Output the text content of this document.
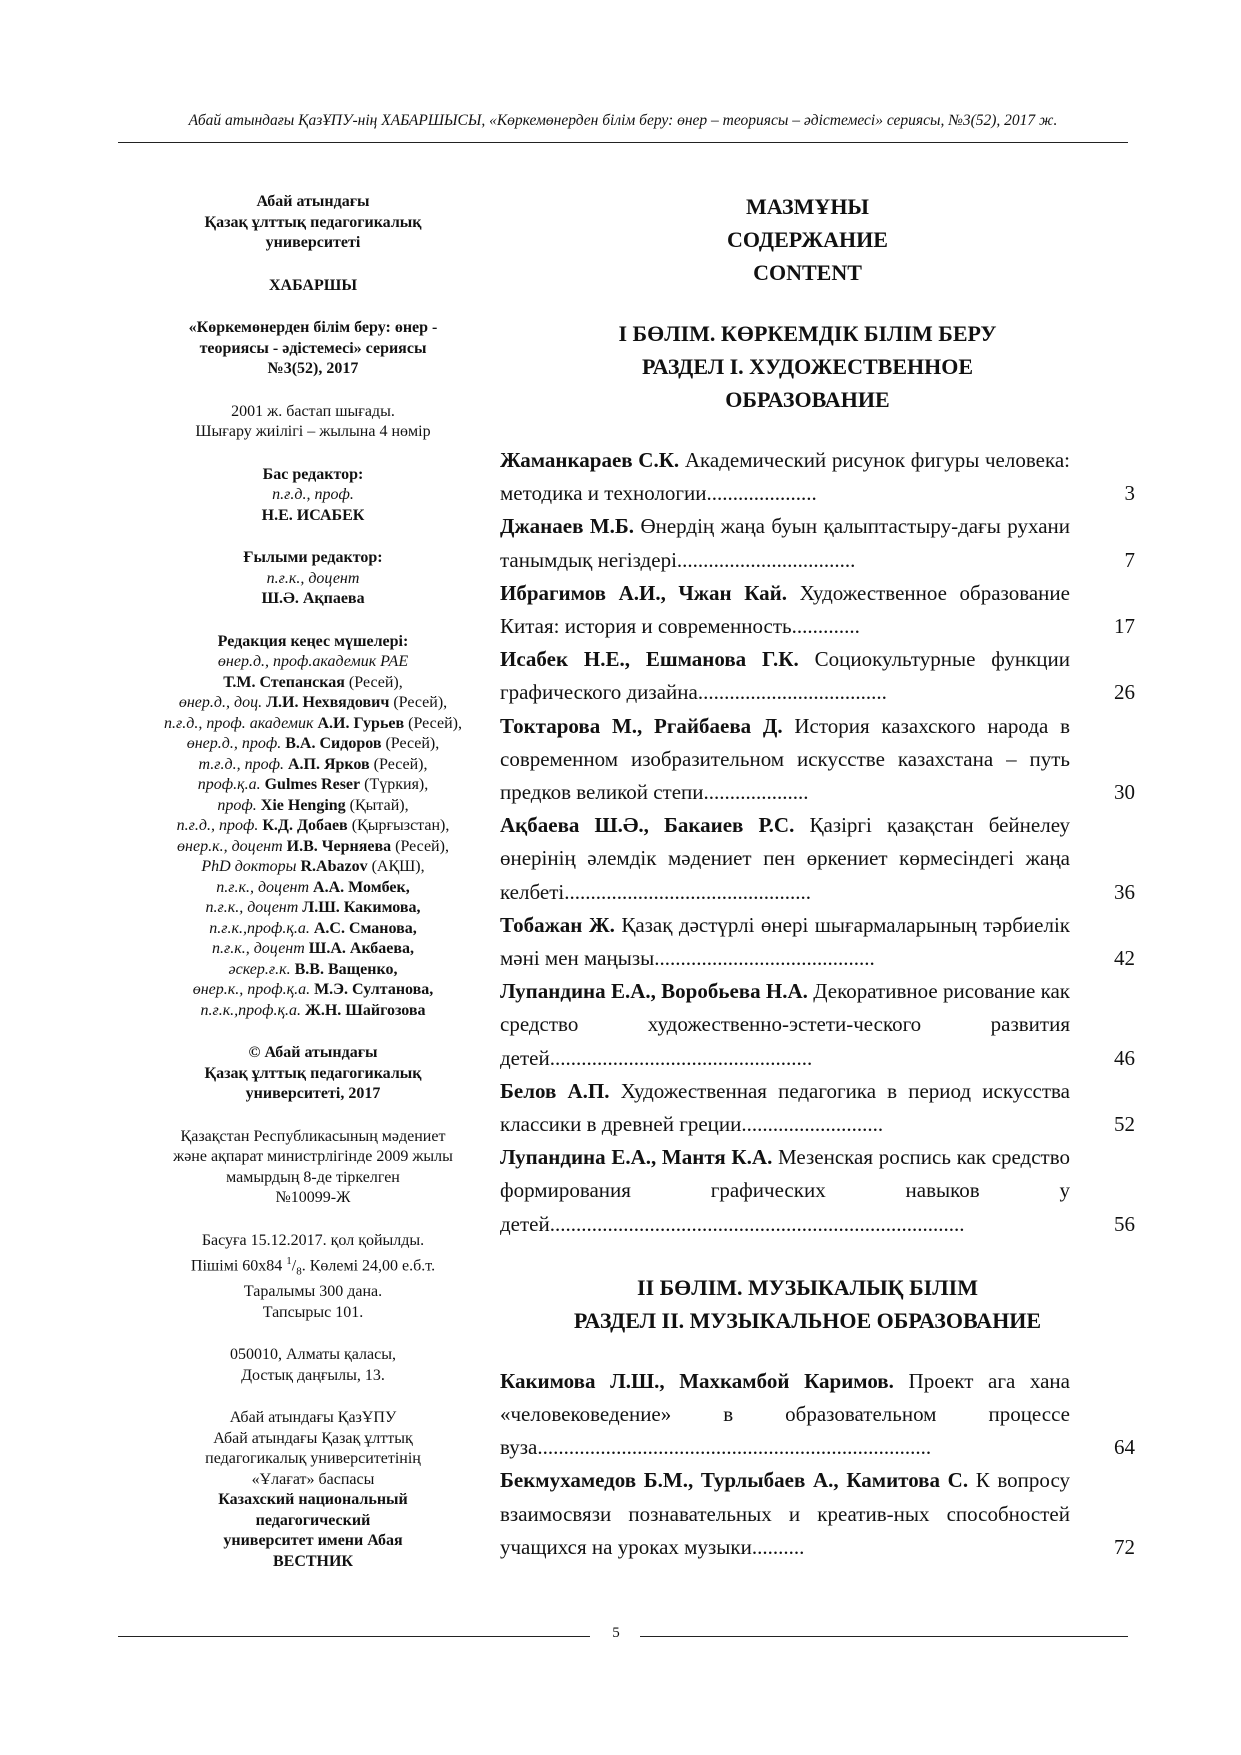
Абай атындағы ҚазҰПУ-нің ХАБАРШЫСЫ, «Көркемөнерден білім беру: өнер – теориясы – әдістемесі» сериясы, №3(52), 2017 ж.
Абай атындағы
Қазақ ұлттық педагогикалық
университеті
ХАБАРШЫ
«Көркемөнерден білім беру: өнер -
теориясы - әдістемесі» сериясы
№3(52), 2017
2001 ж. бастап шығады.
Шығару жиілігі – жылына 4 нөмір
Бас редактор:
п.ғ.д., проф.
Н.Е. ИСАБЕК
Ғылыми редактор:
п.ғ.к., доцент
Ш.Ә. Ақпаева
Редакция кеңес мүшелері:
өнер.д., проф.академик РАЕ
Т.М. Степанская (Ресей),
өнер.д., доц. Л.И. Нехвядович (Ресей),
п.ғ.д., проф. академик А.И. Гурьев (Ресей),
өнер.д., проф. В.А. Сидоров (Ресей),
т.ғ.д., проф. А.П. Ярков (Ресей),
проф.қ.а. Gulmes Reser (Түркия),
проф. Xie Henging (Қытай),
п.ғ.д., проф. К.Д. Добаев (Қырғызстан),
өнер.к., доцент И.В. Черняева (Ресей),
PhD докторы R.Abazov (АҚШ),
п.ғ.к., доцент А.А. Момбек,
п.ғ.к., доцент Л.Ш. Какимова,
п.ғ.к.,проф.қ.а. А.С. Сманова,
п.ғ.к., доцент Ш.А. Акбаева,
әскер.ғ.к. В.В. Ващенко,
өнер.к., проф.қ.а. М.Э. Султанова,
п.ғ.к.,проф.қ.а. Ж.Н. Шайгозова
© Абай атындағы
Қазақ ұлттық педагогикалық
университеті, 2017
Қазақстан Республикасының мәдениет
және ақпарат министрлігінде 2009 жылы
мамырдың 8-де тіркелген
№10099-Ж
Басуға 15.12.2017. қол қойылды.
Пішімі 60х84 $^1/_8$. Көлемі 24,00 е.б.т.
Таралымы 300 дана.
Тапсырыс 101.
050010, Алматы қаласы,
Достық даңғылы, 13.
Абай атындағы ҚазҰПУ
Абай атындағы Қазақ ұлттық
педагогикалық университетінің
«Ұлағат» баспасы
Казахский национальный
педагогический
университет имени Абая
ВЕСТНИК
МАЗМҰНЫ
СОДЕРЖАНИЕ
CONTENT
І БӨЛІМ. КӨРКЕМДІК БІЛІМ БЕРУ
РАЗДЕЛ I. ХУДОЖЕСТВЕННОЕ
ОБРАЗОВАНИЕ
Жаманкараев С.К. Академический рисунок фигуры человека: методика и технологии.....................	3
Джанаев М.Б. Өнердің жаңа буын қалыптастыру-дағы рухани танымдық негіздері..................................	7
Ибрагимов А.И., Чжан Кай. Художественное образование Китая: история и современность.............	17
Исабек Н.Е., Ешманова Г.К. Социокультурные функции графического дизайна....................................	26
Токтарова М., Ргайбаева Д. История казахского народа в современном изобразительном искусстве казахстана – путь предков великой степи....................	30
Ақбаева Ш.Ә., Бакаиев Р.С. Қазіргі қазақстан бейнелеу өнерінің әлемдік мәдениет пен өркениет көрмесіндегі жаңа келбеті...............................................	36
Тобажан Ж. Қазақ дәстүрлі өнері шығармаларының тәрбиелік мәні мен маңызы..........................................	42
Лупандина Е.А., Воробьева Н.А. Декоративное рисование как средство художественно-эстети-ческого развития детей..................................................	46
Белов А.П. Художественная педагогика в период искусства классики в древней греции...........................	52
Лупандина Е.А., Мантя К.А. Мезенская роспись как средство формирования графических навыков у детей...............................................................................	56
ІІ БӨЛІМ. МУЗЫКАЛЫҚ БІЛІМ
РАЗДЕЛ II. МУЗЫКАЛЬНОЕ ОБРАЗОВАНИЕ
Какимова Л.Ш., Махкамбой Каримов. Проект ага хана «человековедение» в образовательном процессе вуза...........................................................................	64
Бекмухамедов Б.М., Турлыбаев А., Камитова С. К вопросу взаимосвязи познавательных и креатив-ных способностей учащихся на уроках музыки..........	72
5
